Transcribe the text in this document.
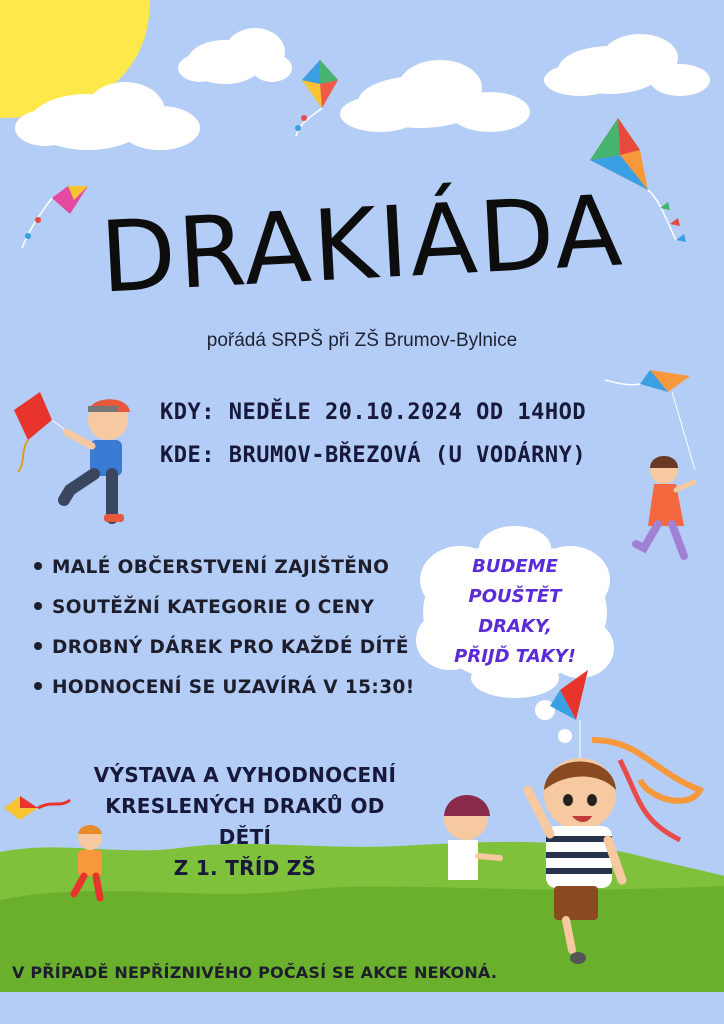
DRAKIÁDA
pořádá SRPŠ při ZŠ Brumov-Bylnice
KDY: NEDĚLE 20.10.2024 OD 14HOD
KDE: BRUMOV-BŘEZOVÁ (U VODÁRNY)
MALÉ OBČERSTVENÍ ZAJIŠTĚNO
SOUTĚŽNÍ KATEGORIE O CENY
DROBNÝ DÁREK PRO KAŽDÉ DÍTĚ
HODNOCENÍ SE UZAVÍRÁ V 15:30!
BUDEME
POUŠTĚT DRAKY,
PŘIJĎ TAKY!
VÝSTAVA A VYHODNOCENÍ
KRESLENÝCH DRAKŮ OD DĚTÍ
Z 1. TŘÍD ZŠ
V PŘÍPADĚ NEPŘÍZNIVÉHO POČASÍ SE AKCE NEKONÁ.
